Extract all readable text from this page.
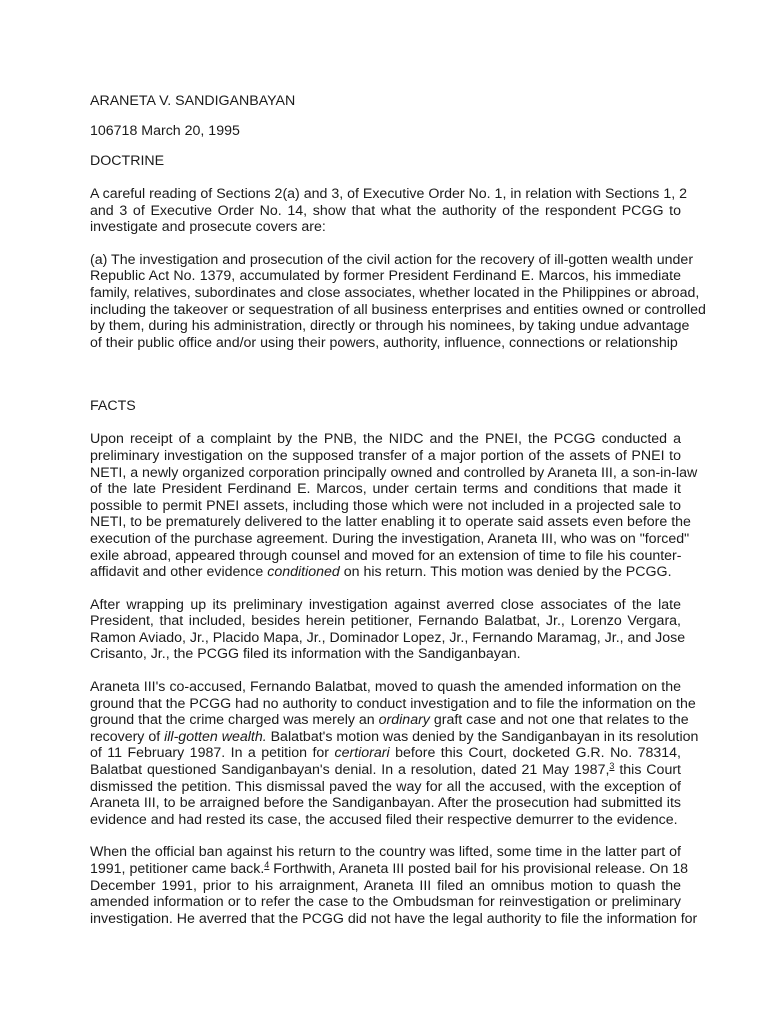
ARANETA V. SANDIGANBAYAN
106718 March 20, 1995
DOCTRINE
A careful reading of Sections 2(a) and 3, of Executive Order No. 1, in relation with Sections 1, 2
and 3 of Executive Order No. 14, show that what the authority of the respondent PCGG to
investigate and prosecute covers are:
(a) The investigation and prosecution of the civil action for the recovery of ill-gotten wealth under
Republic Act No. 1379, accumulated by former President Ferdinand E. Marcos, his immediate
family, relatives, subordinates and close associates, whether located in the Philippines or abroad,
including the takeover or sequestration of all business enterprises and entities owned or controlled
by them, during his administration, directly or through his nominees, by taking undue advantage
of their public office and/or using their powers, authority, influence, connections or relationship
FACTS
Upon receipt of a complaint by the PNB, the NIDC and the PNEI, the PCGG conducted a
preliminary investigation on the supposed transfer of a major portion of the assets of PNEI to
NETI, a newly organized corporation principally owned and controlled by Araneta III, a son-in-law
of the late President Ferdinand E. Marcos, under certain terms and conditions that made it
possible to permit PNEI assets, including those which were not included in a projected sale to
NETI, to be prematurely delivered to the latter enabling it to operate said assets even before the
execution of the purchase agreement. During the investigation, Araneta III, who was on "forced"
exile abroad, appeared through counsel and moved for an extension of time to file his counter-
affidavit and other evidence conditioned on his return. This motion was denied by the PCGG.
After wrapping up its preliminary investigation against averred close associates of the late
President, that included, besides herein petitioner, Fernando Balatbat, Jr., Lorenzo Vergara,
Ramon Aviado, Jr., Placido Mapa, Jr., Dominador Lopez, Jr., Fernando Maramag, Jr., and Jose
Crisanto, Jr., the PCGG filed its information with the Sandiganbayan.
Araneta III's co-accused, Fernando Balatbat, moved to quash the amended information on the
ground that the PCGG had no authority to conduct investigation and to file the information on the
ground that the crime charged was merely an ordinary graft case and not one that relates to the
recovery of ill-gotten wealth. Balatbat's motion was denied by the Sandiganbayan in its resolution
of 11 February 1987. In a petition for certiorari before this Court, docketed G.R. No. 78314,
Balatbat questioned Sandiganbayan's denial. In a resolution, dated 21 May 1987,$^3$ this Court
dismissed the petition. This dismissal paved the way for all the accused, with the exception of
Araneta III, to be arraigned before the Sandiganbayan. After the prosecution had submitted its
evidence and had rested its case, the accused filed their respective demurrer to the evidence.
When the official ban against his return to the country was lifted, some time in the latter part of
1991, petitioner came back.$^4$ Forthwith, Araneta III posted bail for his provisional release. On 18
December 1991, prior to his arraignment, Araneta III filed an omnibus motion to quash the
amended information or to refer the case to the Ombudsman for reinvestigation or preliminary
investigation. He averred that the PCGG did not have the legal authority to file the information for
